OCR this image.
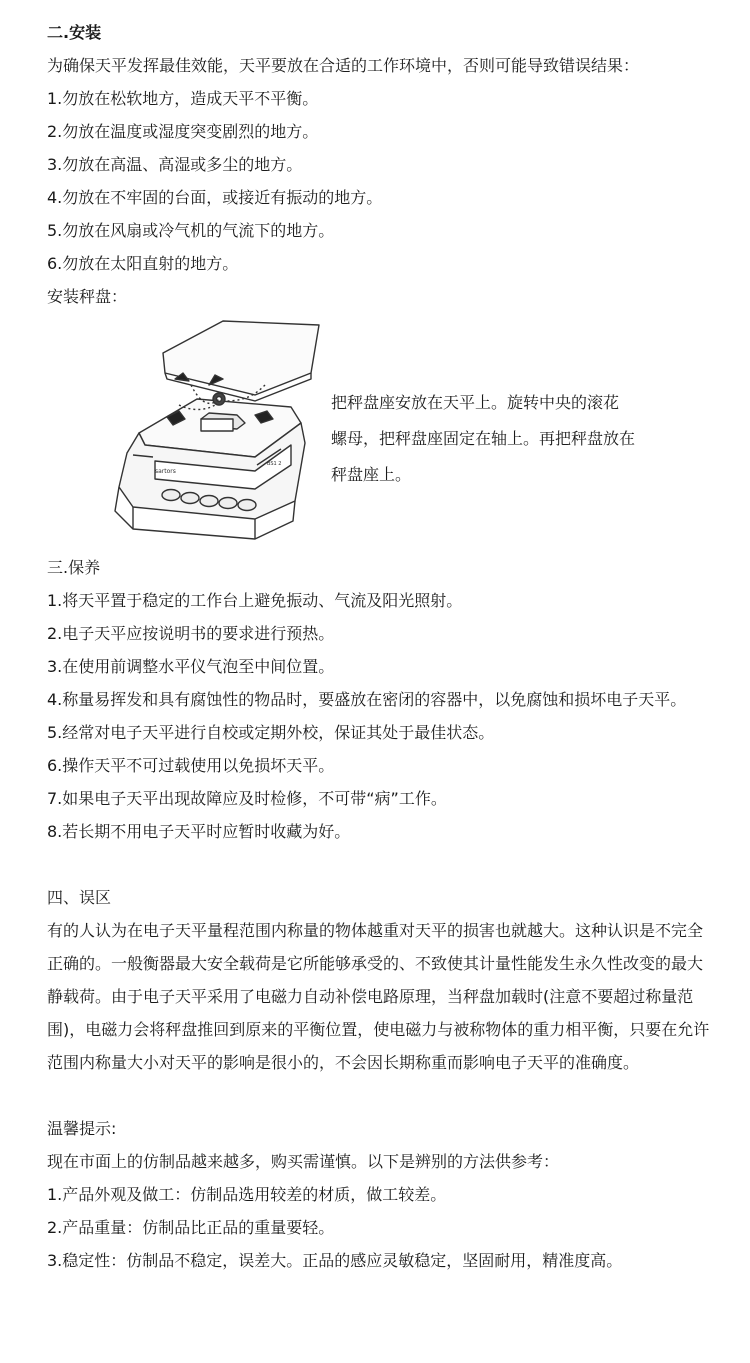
二.安装
为确保天平发挥最佳效能，天平要放在合适的工作环境中，否则可能导致错误结果：
1.勿放在松软地方，造成天平不平衡。
2.勿放在温度或湿度突变剧烈的地方。
3.勿放在高温、高湿或多尘的地方。
4.勿放在不牢固的台面，或接近有振动的地方。
5.勿放在风扇或冷气机的气流下的地方。
6.勿放在太阳直射的地方。
安装秤盘：
sartors
BS1 2
把秤盘座安放在天平上。旋转中央的滚花
螺母，把秤盘座固定在轴上。再把秤盘放在
秤盘座上。
三.保养
1.将天平置于稳定的工作台上避免振动、气流及阳光照射。
2.电子天平应按说明书的要求进行预热。
3.在使用前调整水平仪气泡至中间位置。
4.称量易挥发和具有腐蚀性的物品时，要盛放在密闭的容器中，以免腐蚀和损坏电子天平。
5.经常对电子天平进行自校或定期外校，保证其处于最佳状态。
6.操作天平不可过载使用以免损坏天平。
7.如果电子天平出现故障应及时检修，不可带“病”工作。
8.若长期不用电子天平时应暂时收藏为好。
四、误区
有的人认为在电子天平量程范围内称量的物体越重对天平的损害也就越大。这种认识是不完全正确的。一般衡器最大安全载荷是它所能够承受的、不致使其计量性能发生永久性改变的最大静载荷。由于电子天平采用了电磁力自动补偿电路原理，当秤盘加载时(注意不要超过称量范围)，电磁力会将秤盘推回到原来的平衡位置，使电磁力与被称物体的重力相平衡，只要在允许范围内称量大小对天平的影响是很小的，不会因长期称重而影响电子天平的准确度。
温馨提示:
现在市面上的仿制品越来越多，购买需谨慎。以下是辨别的方法供参考：
1.产品外观及做工：仿制品选用较差的材质，做工较差。
2.产品重量：仿制品比正品的重量要轻。
3.稳定性：仿制品不稳定，误差大。正品的感应灵敏稳定，坚固耐用，精准度高。
